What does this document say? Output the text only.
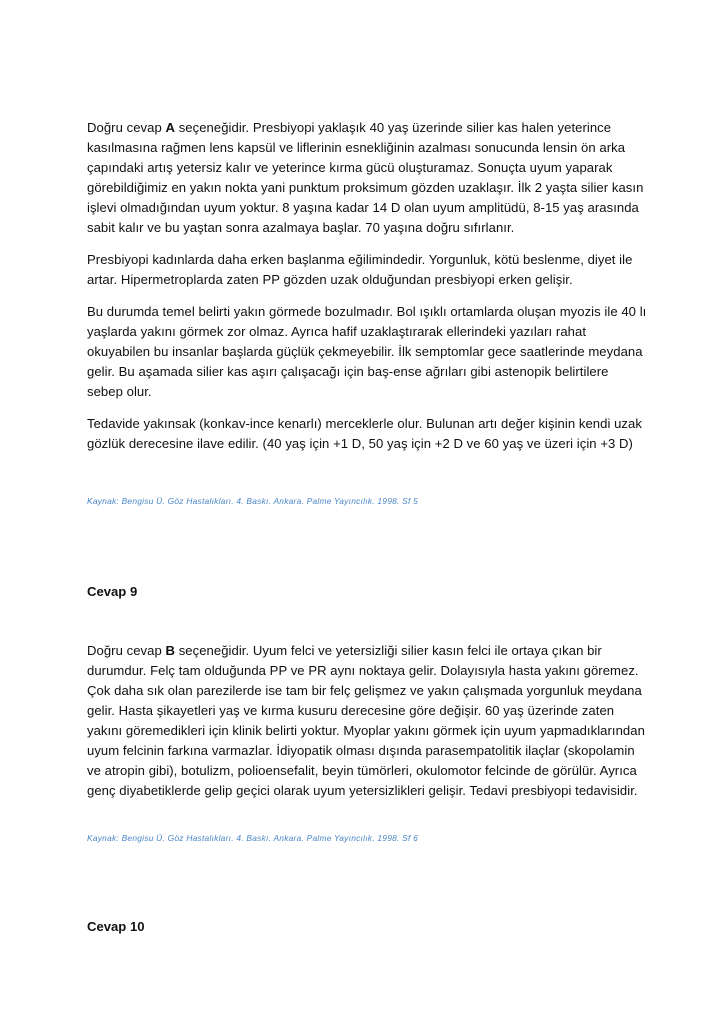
Doğru cevap A seçeneğidir. Presbiyopi yaklaşık 40 yaş üzerinde silier kas halen yeterince kasılmasına rağmen lens kapsül ve liflerinin esnekliğinin azalması sonucunda lensin ön arka çapındaki artış yetersiz kalır ve yeterince kırma gücü oluşturamaz. Sonuçta uyum yaparak görebildiğimiz en yakın nokta yani punktum proksimum gözden uzaklaşır. İlk 2 yaşta silier kasın işlevi olmadığından uyum yoktur. 8 yaşına kadar 14 D olan uyum amplitüdü, 8-15 yaş arasında sabit kalır ve bu yaştan sonra azalmaya başlar. 70 yaşına doğru sıfırlanır.

Presbiyopi kadınlarda daha erken başlanma eğilimindedir. Yorgunluk, kötü beslenme, diyet ile artar. Hipermetroplarda zaten PP gözden uzak olduğundan presbiyopi erken gelişir.

Bu durumda temel belirti yakın görmede bozulmadır. Bol ışıklı ortamlarda oluşan myozis ile 40 lı yaşlarda yakını görmek zor olmaz. Ayrıca hafif uzaklaştırarak ellerindeki yazıları rahat okuyabilen bu insanlar başlarda güçlük çekmeyebilir. İlk semptomlar gece saatlerinde meydana gelir. Bu aşamada silier kas aşırı çalışacağı için baş-ense ağrıları gibi astenopik belirtilere sebep olur.

Tedavide yakınsak (konkav-ince kenarlı) merceklerle olur. Bulunan artı değer kişinin kendi uzak gözlük derecesine ilave edilir. (40 yaş için +1 D, 50 yaş için +2 D ve 60 yaş ve üzeri için +3 D)

Kaynak: Bengisu Ü. Göz Hastalıkları. 4. Baskı. Ankara. Palme Yayıncılık. 1998. Sf 5

Cevap 9

Doğru cevap B seçeneğidir. Uyum felci ve yetersizliği silier kasın felci ile ortaya çıkan bir durumdur. Felç tam olduğunda PP ve PR aynı noktaya gelir. Dolayısıyla hasta yakını göremez. Çok daha sık olan parezilerde ise tam bir felç gelişmez ve yakın çalışmada yorgunluk meydana gelir. Hasta şikayetleri yaş ve kırma kusuru derecesine göre değişir. 60 yaş üzerinde zaten yakını göremedikleri için klinik belirti yoktur. Myoplar yakını görmek için uyum yapmadıklarından uyum felcinin farkına varmazlar. İdiyopatik olması dışında parasempatolitik ilaçlar (skopolamin ve atropin gibi), botulizm, polioensefalit, beyin tümörleri, okulomotor felcinde de görülür. Ayrıca genç diyabetiklerde gelip geçici olarak uyum yetersizlikleri gelişir. Tedavi presbiyopi tedavisidir.

Kaynak: Bengisu Ü. Göz Hastalıkları. 4. Baskı. Ankara. Palme Yayıncılık. 1998. Sf 6

Cevap 10
